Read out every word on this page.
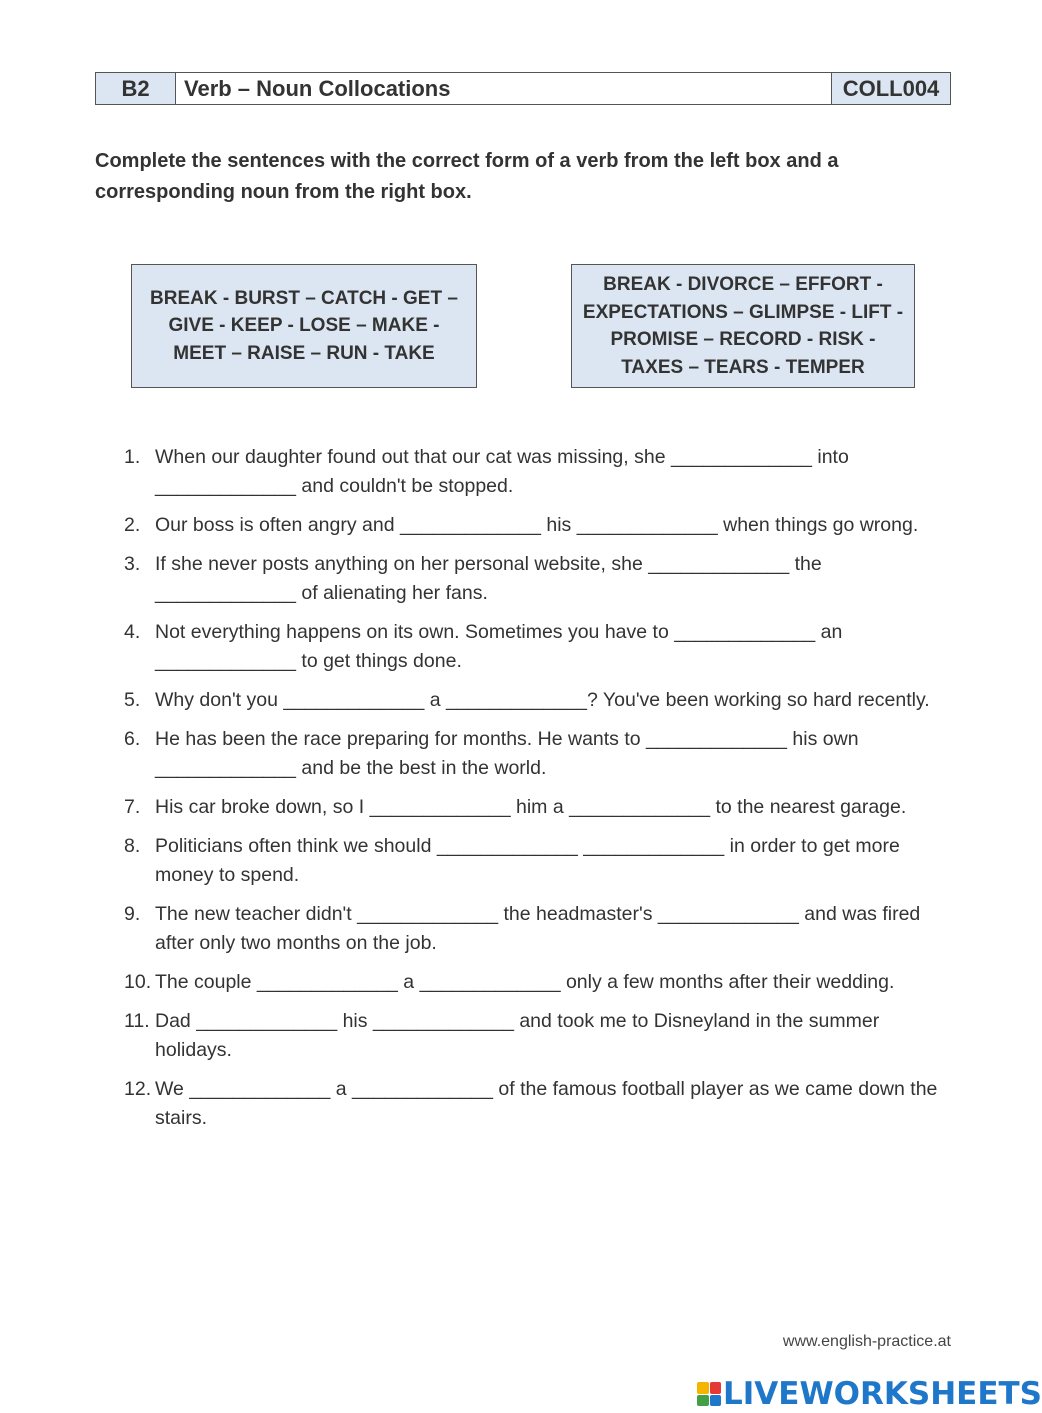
B2	Verb – Noun Collocations	COLL004
Complete the sentences with the correct form of a verb from the left box and a corresponding noun from the right box.
BREAK - BURST – CATCH - GET – GIVE - KEEP - LOSE – MAKE - MEET – RAISE – RUN - TAKE
BREAK - DIVORCE – EFFORT - EXPECTATIONS – GLIMPSE - LIFT - PROMISE – RECORD - RISK - TAXES – TEARS - TEMPER
1. When our daughter found out that our cat was missing, she _____________ into _____________ and couldn't be stopped.
2. Our boss is often angry and _____________ his _____________ when things go wrong.
3. If she never posts anything on her personal website, she _____________ the _____________ of alienating her fans.
4. Not everything happens on its own. Sometimes you have to _____________ an _____________ to get things done.
5. Why don't you _____________ a _____________? You've been working so hard recently.
6. He has been the race preparing for months. He wants to _____________ his own _____________ and be the best in the world.
7. His car broke down, so I _____________ him a _____________ to the nearest garage.
8. Politicians often think we should _____________ _____________ in order to get more money to spend.
9. The new teacher didn't _____________ the headmaster's _____________ and was fired after only two months on the job.
10. The couple _____________ a _____________ only a few months after their wedding.
11. Dad _____________ his _____________ and took me to Disneyland in the summer holidays.
12. We _____________ a _____________ of the famous football player as we came down the stairs.
www.english-practice.at
LIVEWORKSHEETS
